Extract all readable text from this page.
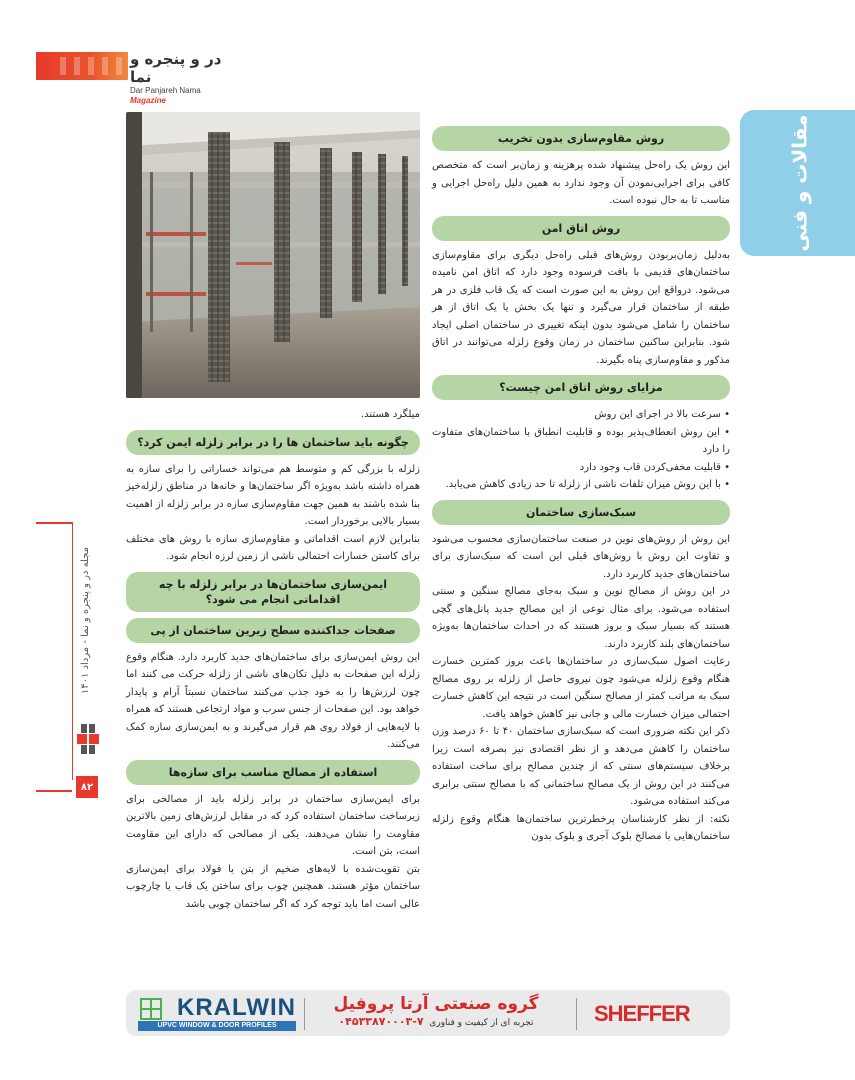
در و پنجره و نما
Dar Panjareh Nama Magazine
مقالات و فنی
مجله در و پنجره و نما - مرداد ۱۴۰۱
۸۲
روش مقاوم‌سازی بدون تخریب

این روش یک راه‌حل پیشنهاد شده پرهزینه و زمان‌بر است که متخصص کافی برای اجرایی‌نمودن آن وجود ندارد به همین دلیل راه‌حل اجرایی و مناسب تا به حال نبوده است.

روش اتاق امن

به‌دلیل زمان‌بر‌بودن روش‌های قبلی راه‌حل دیگری برای مقاوم‌سازی ساختمان‌های قدیمی با بافت فرسوده وجود دارد که اتاق امن نامیده می‌شود. درواقع این روش به این صورت است که یک قاب فلزی در هر طبقه از ساختمان قرار می‌گیرد و تنها یک بخش یا یک اتاق از هر ساختمان را شامل می‌شود بدون اینکه تغییری در ساختمان اصلی ایجاد شود. بنابراین ساکنین ساختمان در زمان وقوع زلزله می‌توانند در اتاق مذکور و مقاوم‌سازی پناه بگیرند.

مزایای روش اتاق امن چیست؟
• سرعت بالا در اجرای این روش
• این روش انعطاف‌پذیر بوده و قابلیت انطباق با ساختمان‌های متفاوت را دارد
• قابلیت مخفی‌کردن قاب وجود دارد
• با این روش میزان تلفات ناشی از زلزله تا حد زیادی کاهش می‌یابد.
سبک‌سازی ساختمان

این روش از روش‌های نوین در صنعت ساختمان‌سازی محسوب می‌شود و تفاوت این روش با روش‌های قبلی این است که سبک‌سازی برای ساختمان‌های جدید کاربرد دارد.

در این روش از مصالح نوین و سبک به‌جای مصالح سنگین و سنتی استفاده می‌شود. برای مثال نوعی از این مصالح جدید پانل‌های گچی هستند که بسیار سبک و بروز هستند که در احداث ساختمان‌ها به‌ویژه ساختمان‌های بلند کاربرد دارند.

رعایت اصول سبک‌سازی در ساختمان‌ها باعث بروز کمترین خسارت هنگام وقوع زلزله می‌شود چون نیروی حاصل از زلزله بر روی مصالح سبک به مراتب کمتر از مصالح سنگین است در نتیجه این کاهش خسارت احتمالی میزان خسارت مالی و جانی نیز کاهش خواهد یافت.

ذکر این نکته ضروری است که سبک‌سازی ساختمان ۴۰ تا ۶۰ درصد وزن ساختمان را کاهش می‌دهد و از نظر اقتصادی نیز بصرفه است زیرا برخلاف سیستم‌های سنتی که از چندین مصالح برای ساخت استفاده می‌کنند در این روش از یک مصالح ساختمانی که با مصالح سنتی برابری می‌کند استفاده می‌شود.

نکته: از نظر کارشناسان پرخطرترین ساختمان‌ها هنگام وقوع زلزله ساختمان‌هایی با مصالح بلوک آجری و بلوک بدون

میلگرد هستند.

چگونه باید ساختمان ها را در برابر زلزله ایمن کرد؟

زلزله با بزرگی کم و متوسط هم می‌تواند خساراتی را برای سازه به همراه داشته باشد به‌ویژه اگر ساختمان‌ها و خانه‌ها در مناطق زلزله‌خیز بنا شده باشند به همین جهت مقاوم‌سازی سازه در برابر زلزله از اهمیت بسیار بالایی برخوردار است.

بنابراین لازم است اقداماتی و مقاوم‌سازی سازه با روش های مختلف برای کاستن خسارات احتمالی ناشی از زمین لرزه انجام شود.

ایمن‌سازی ساختمان‌ها در برابر زلزله با چه اقداماتی انجام می شود؟
صفحات جداکننده سطح زیرین ساختمان از پی

این روش ایمن‌سازی برای ساختمان‌های جدید کاربرد دارد. هنگام وقوع زلزله این صفحات به دلیل تکان‌های ناشی از زلزله حرکت می کنند اما چون لرزش‌ها را به خود جذب می‌کنند ساختمان نسبتاً آرام و پایدار خواهد بود. این صفحات از جنس سرب و مواد ارتجاعی هستند که همراه با لایه‌هایی از فولاد روی هم قرار می‌گیرند و به ایمن‌سازی سازه کمک می‌کنند.

استفاده از مصالح مناسب برای سازه‌ها

برای ایمن‌سازی ساختمان در برابر زلزله باید از مصالحی برای زیرساخت ساختمان استفاده کرد که در مقابل لرزش‌های زمین بالاترین مقاومت را نشان می‌دهند. یکی از مصالحی که دارای این مقاومت است، بتن است.

بتن تقویت‌شده با لایه‌های ضخیم از بتن یا فولاد برای ایمن‌سازی ساختمان مؤثر هستند. همچنین چوب برای ساختن یک قاب یا چارچوب عالی است اما باید توجه کرد که اگر ساختمان چوبی باشد

KRALWIN
UPVC WINDOW & DOOR PROFILES
گروه صنعتی آرتا پروفیل
تجربه ای از کیفیت و فناوری  ۰۴۵۳۳۸۷۰۰۰۳-۷	SHEFFER
